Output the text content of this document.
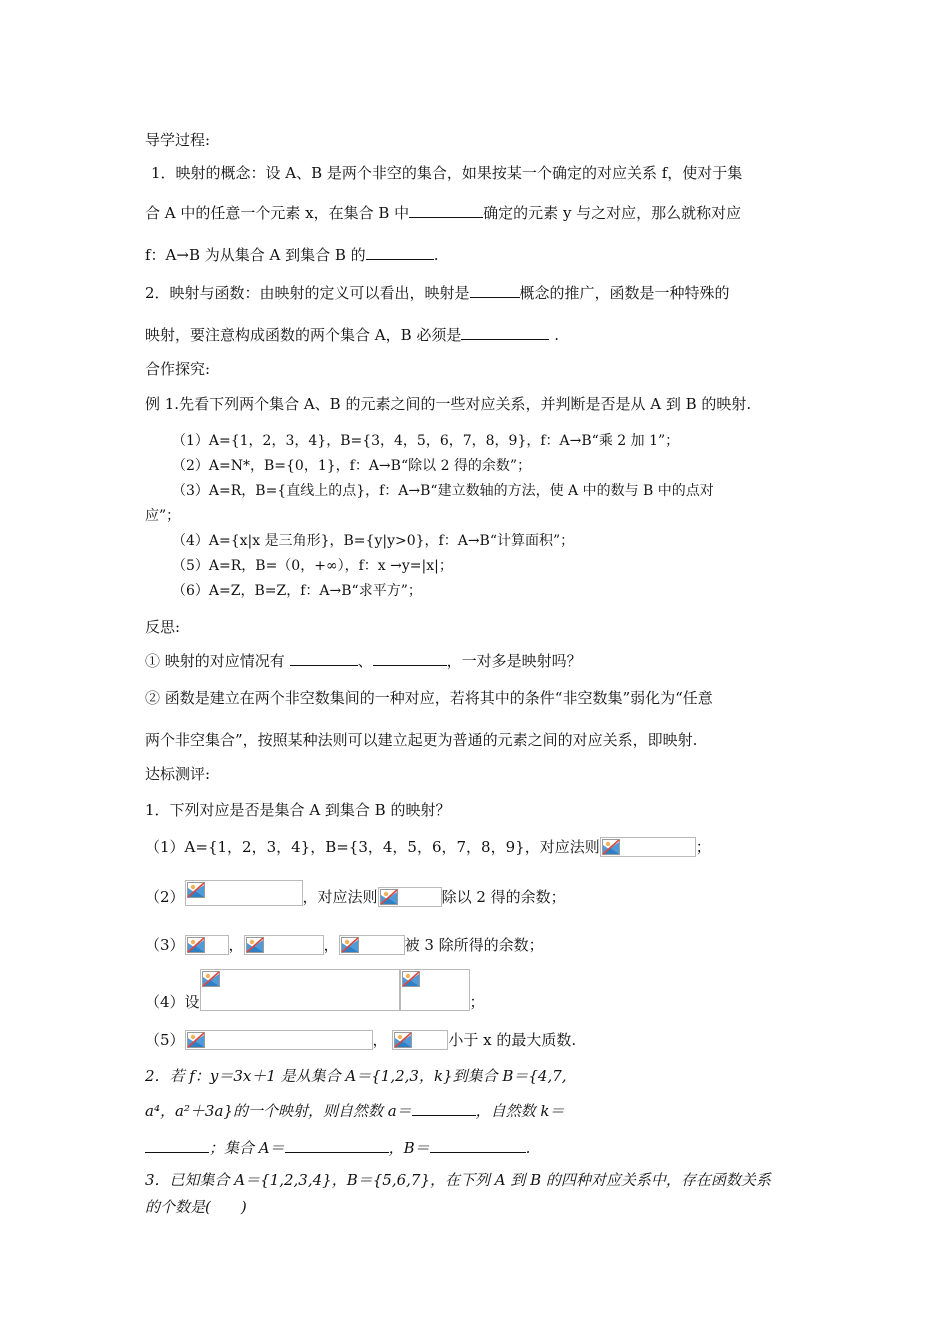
导学过程:
1．映射的概念：设 A、B 是两个非空的集合，如果按某一个确定的对应关系 f，使对于集
合 A 中的任意一个元素 x，在集合 B 中	确定的元素 y 与之对应，那么就称对应
f：A→B 为从集合 A 到集合 B 的	.
2．映射与函数：由映射的定义可以看出，映射是	概念的推广，函数是一种特殊的
映射，要注意构成函数的两个集合 A，B 必须是	.
合作探究:
例 1.先看下列两个集合 A、B 的元素之间的一些对应关系，并判断是否是从 A 到 B 的映射.
（1）A={1，2，3，4}，B={3，4，5，6，7，8，9}，f：A→B“乘 2 加 1”；
（2）A=N*，B={0，1}，f：A→B“除以 2 得的余数”；
（3）A=R，B={直线上的点}，f：A→B“建立数轴的方法，使 A 中的数与 B 中的点对
应”；
（4）A={x|x 是三角形}，B={y|y>0}，f：A→B“计算面积”；
（5）A=R，B=（0，+∞），f：x →y=|x|；
（6）A=Z，B=Z，f：A→B“求平方”；
反思:
① 映射的对应情况有	、	，一对多是映射吗？
② 函数是建立在两个非空数集间的一种对应，若将其中的条件“非空数集”弱化为“任意
两个非空集合”，按照某种法则可以建立起更为普通的元素之间的对应关系，即映射.
达标测评:
1．下列对应是否是集合 A 到集合 B 的映射？
（1）A={1，2，3，4}，B={3，4，5，6，7，8，9}，对应法则	；
（2）	，对应法则	除以 2 得的余数；
（3）	，	，	被 3 除所得的余数；
（4）设	；
（5）	，	小于 x 的最大质数.
2．若 f：y＝3x＋1 是从集合 A＝{1,2,3，k}到集合 B＝{4,7,
a⁴，a²＋3a}的一个映射，则自然数 a＝	，自然数 k＝
；集合 A＝	，B＝	.
3．已知集合 A＝{1,2,3,4}，B＝{5,6,7}，在下列 A 到 B 的四种对应关系中，存在函数关系
的个数是(　　)
